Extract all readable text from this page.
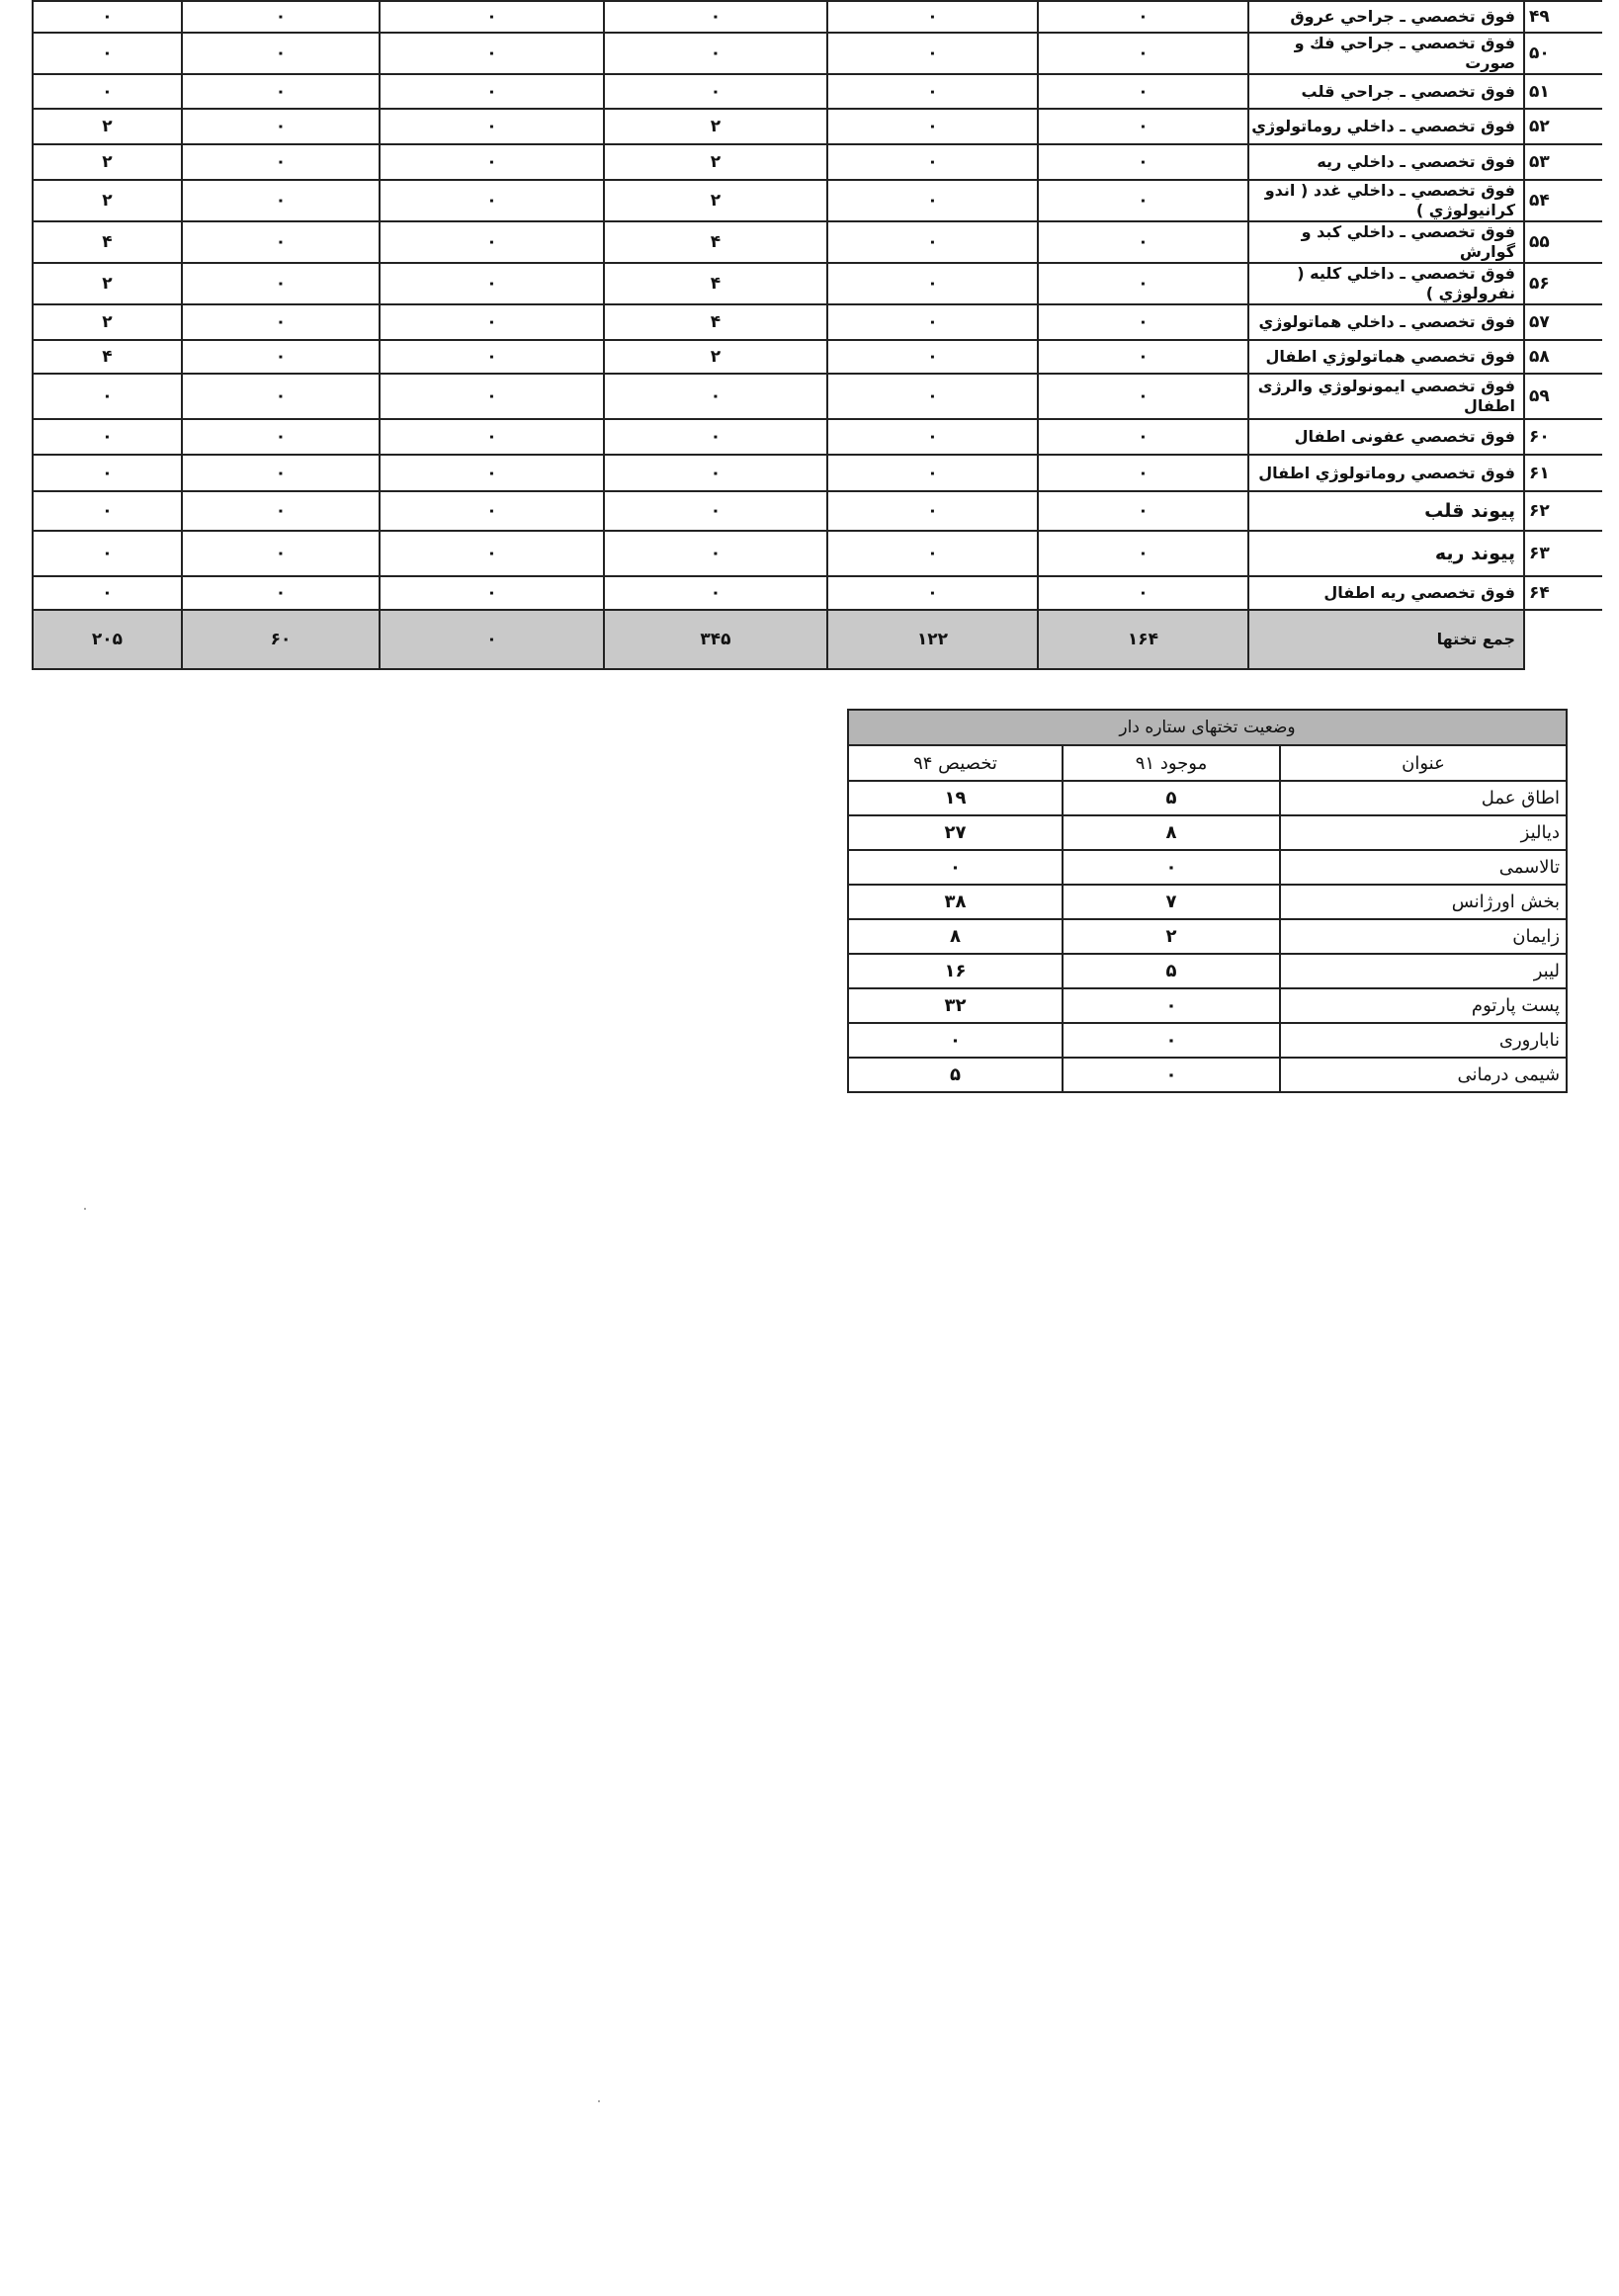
۰	۰	۰	۰	۰	۰	فوق تخصصي ـ جراحي عروق	۴۹
۰	۰	۰	۰	۰	۰	فوق تخصصي ـ جراحي فك و صورت	۵۰
۰	۰	۰	۰	۰	۰	فوق تخصصي ـ جراحي قلب	۵۱
۲	۰	۰	۲	۰	۰	فوق تخصصي ـ داخلي روماتولوژي	۵۲
۲	۰	۰	۲	۰	۰	فوق تخصصي ـ داخلي ريه	۵۳
۲	۰	۰	۲	۰	۰	فوق تخصصي ـ داخلي غدد ( اندو كرانيولوژي )	۵۴
۴	۰	۰	۴	۰	۰	فوق تخصصي ـ داخلي كبد و گوارش	۵۵
۲	۰	۰	۴	۰	۰	فوق تخصصي ـ داخلي كليه ( نفرولوژي )	۵۶
۲	۰	۰	۴	۰	۰	فوق تخصصي ـ داخلي هماتولوژي	۵۷
۴	۰	۰	۲	۰	۰	فوق تخصصي هماتولوژي اطفال	۵۸
۰	۰	۰	۰	۰	۰	فوق تخصصي ايمونولوژي والرژی اطفال	۵۹
۰	۰	۰	۰	۰	۰	فوق تخصصي عفونی اطفال	۶۰
۰	۰	۰	۰	۰	۰	فوق تخصصي روماتولوژي اطفال	۶۱
۰	۰	۰	۰	۰	۰	پیوند قلب	۶۲
۰	۰	۰	۰	۰	۰	پیوند ریه	۶۳
۰	۰	۰	۰	۰	۰	فوق تخصصي ريه اطفال	۶۴
۲۰۵	۶۰	۰	۳۴۵	۱۲۲	۱۶۴	جمع تختها	
وضعیت تختهای ستاره دار		
تخصیص ۹۴	موجود ۹۱	عنوان
۱۹	۵	اطاق عمل
۲۷	۸	دیالیز
۰	۰	تالاسمی
۳۸	۷	بخش اورژانس
۸	۲	زایمان
۱۶	۵	لیبر
۳۲	۰	پست پارتوم
۰	۰	ناباروری
۵	۰	شیمی درمانی
